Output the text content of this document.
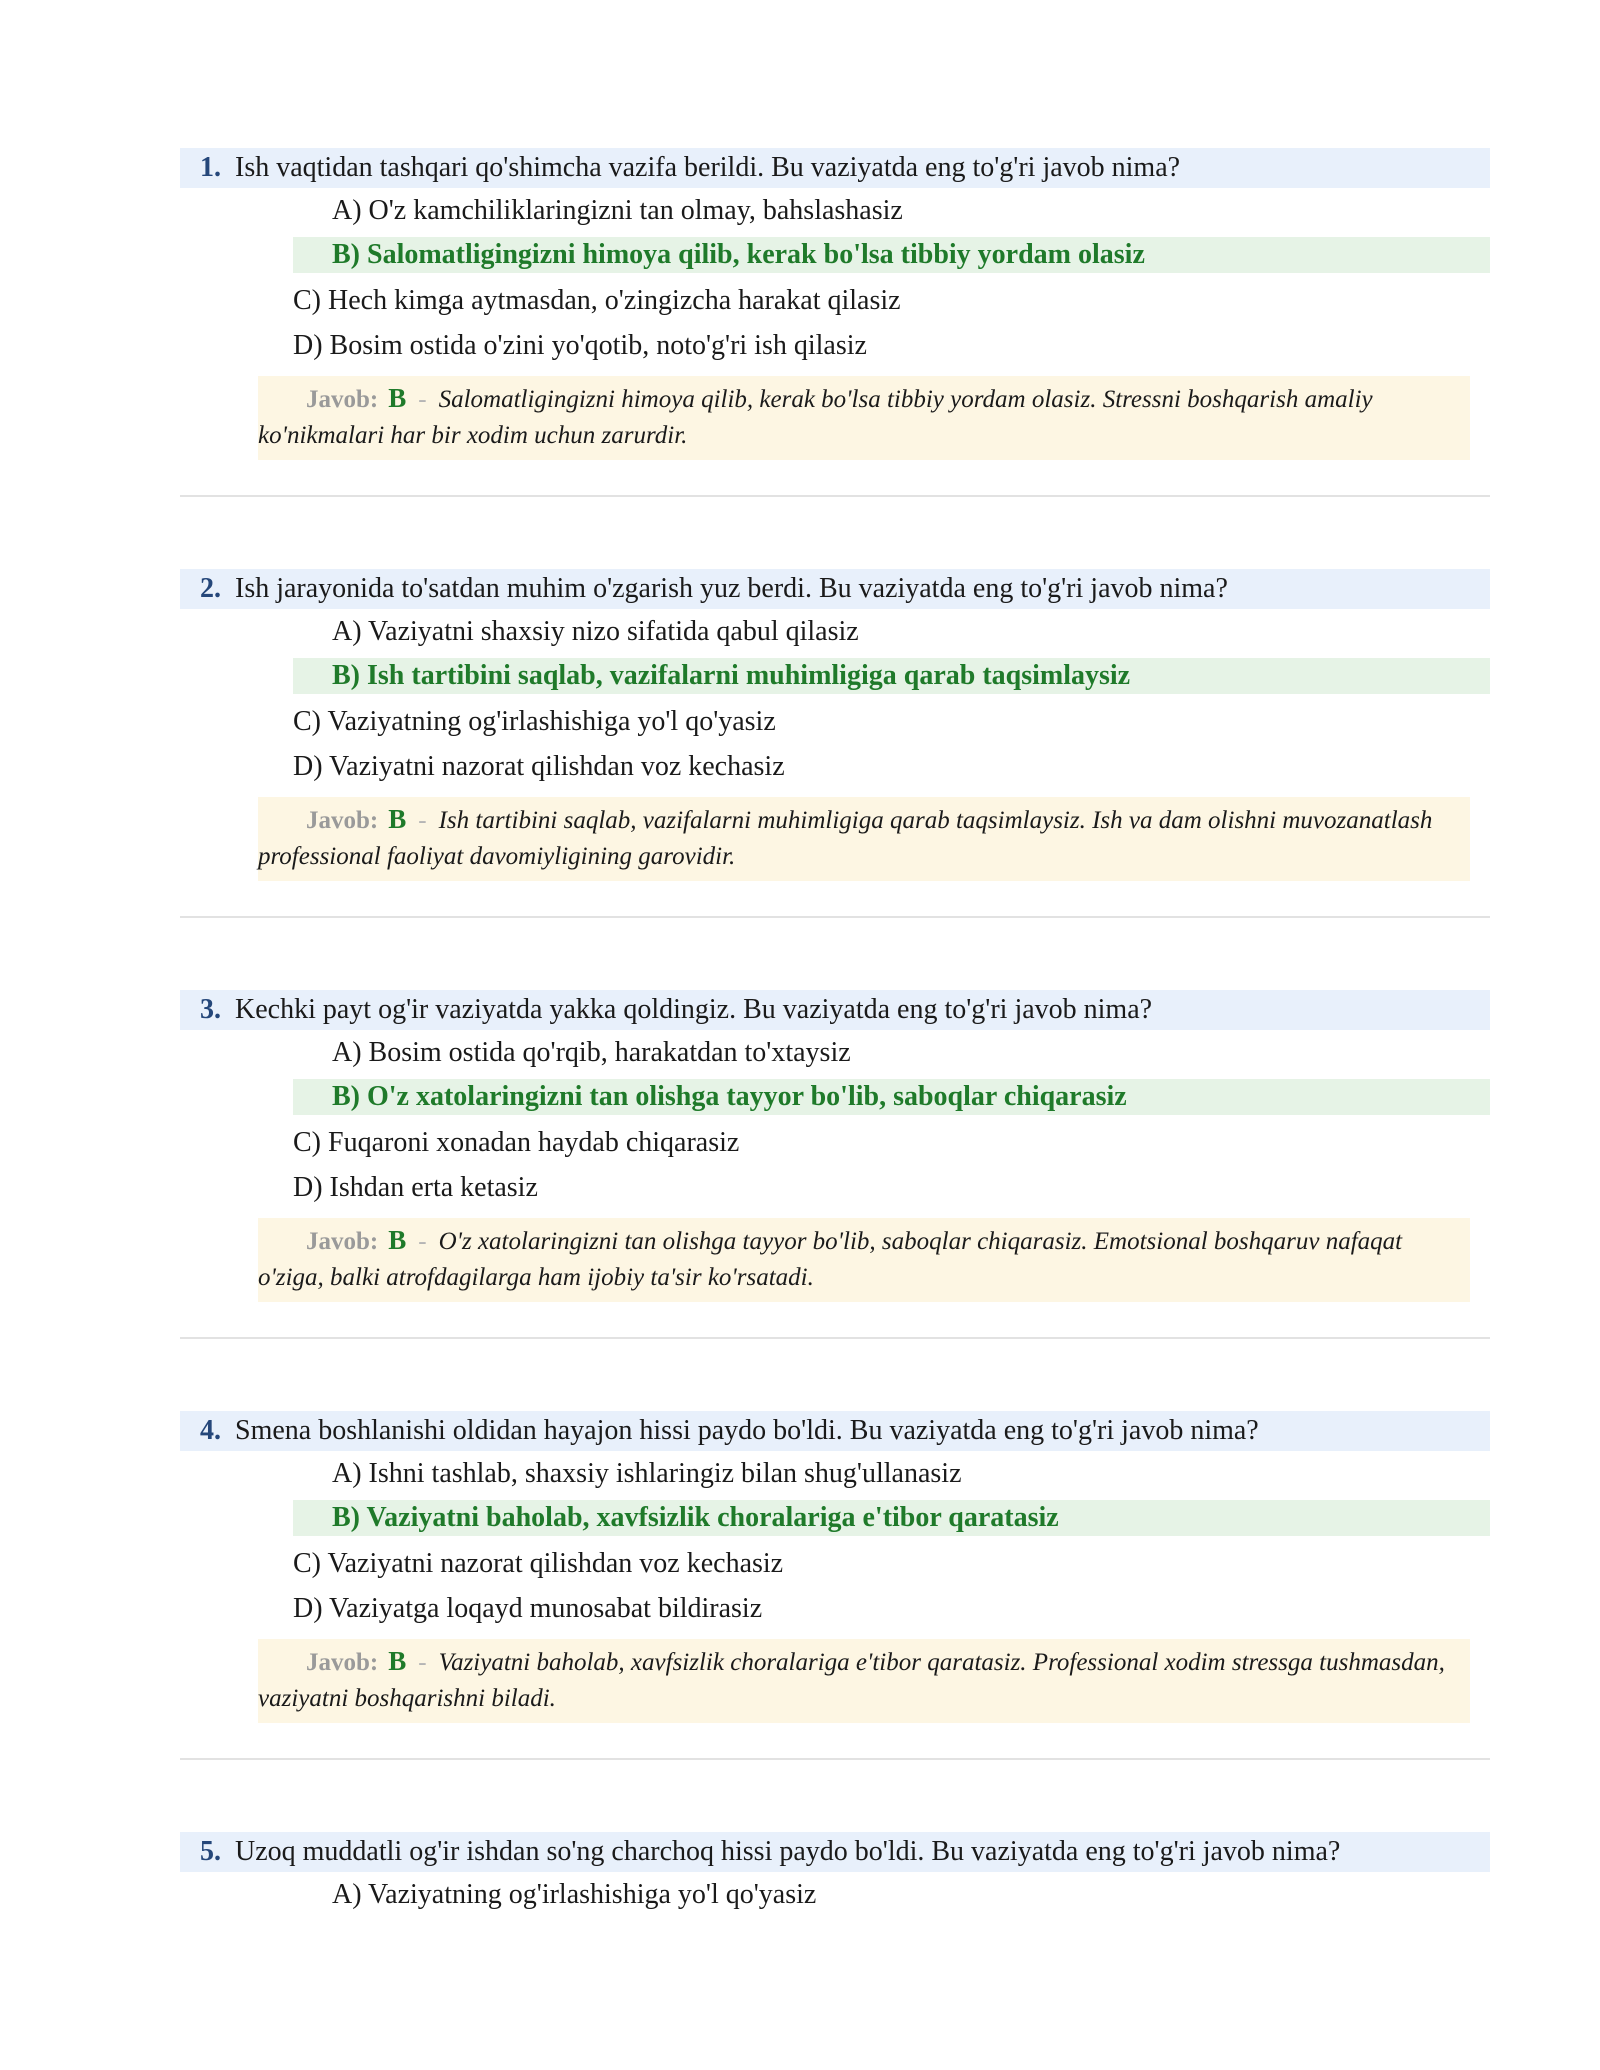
1. Ish vaqtidan tashqari qo'shimcha vazifa berildi. Bu vaziyatda eng to'g'ri javob nima?
A) O'z kamchiliklaringizni tan olmay, bahslashasiz
B) Salomatligingizni himoya qilib, kerak bo'lsa tibbiy yordam olasiz
C) Hech kimga aytmasdan, o'zingizcha harakat qilasiz
D) Bosim ostida o'zini yo'qotib, noto'g'ri ish qilasiz
Javob: B - Salomatligingizni himoya qilib, kerak bo'lsa tibbiy yordam olasiz. Stressni boshqarish amaliy ko'nikmalari har bir xodim uchun zarurdir.
2. Ish jarayonida to'satdan muhim o'zgarish yuz berdi. Bu vaziyatda eng to'g'ri javob nima?
A) Vaziyatni shaxsiy nizo sifatida qabul qilasiz
B) Ish tartibini saqlab, vazifalarni muhimligiga qarab taqsimlaysiz
C) Vaziyatning og'irlashishiga yo'l qo'yasiz
D) Vaziyatni nazorat qilishdan voz kechasiz
Javob: B - Ish tartibini saqlab, vazifalarni muhimligiga qarab taqsimlaysiz. Ish va dam olishni muvozanatlash professional faoliyat davomiyligining garovidir.
3. Kechki payt og'ir vaziyatda yakka qoldingiz. Bu vaziyatda eng to'g'ri javob nima?
A) Bosim ostida qo'rqib, harakatdan to'xtaysiz
B) O'z xatolaringizni tan olishga tayyor bo'lib, saboqlar chiqarasiz
C) Fuqaroni xonadan haydab chiqarasiz
D) Ishdan erta ketasiz
Javob: B - O'z xatolaringizni tan olishga tayyor bo'lib, saboqlar chiqarasiz. Emotsional boshqaruv nafaqat o'ziga, balki atrofdagilarga ham ijobiy ta'sir ko'rsatadi.
4. Smena boshlanishi oldidan hayajon hissi paydo bo'ldi. Bu vaziyatda eng to'g'ri javob nima?
A) Ishni tashlab, shaxsiy ishlaringiz bilan shug'ullanasiz
B) Vaziyatni baholab, xavfsizlik choralariga e'tibor qaratasiz
C) Vaziyatni nazorat qilishdan voz kechasiz
D) Vaziyatga loqayd munosabat bildirasiz
Javob: B - Vaziyatni baholab, xavfsizlik choralariga e'tibor qaratasiz. Professional xodim stressga tushmasdan, vaziyatni boshqarishni biladi.
5. Uzoq muddatli og'ir ishdan so'ng charchoq hissi paydo bo'ldi. Bu vaziyatda eng to'g'ri javob nima?
A) Vaziyatning og'irlashishiga yo'l qo'yasiz
